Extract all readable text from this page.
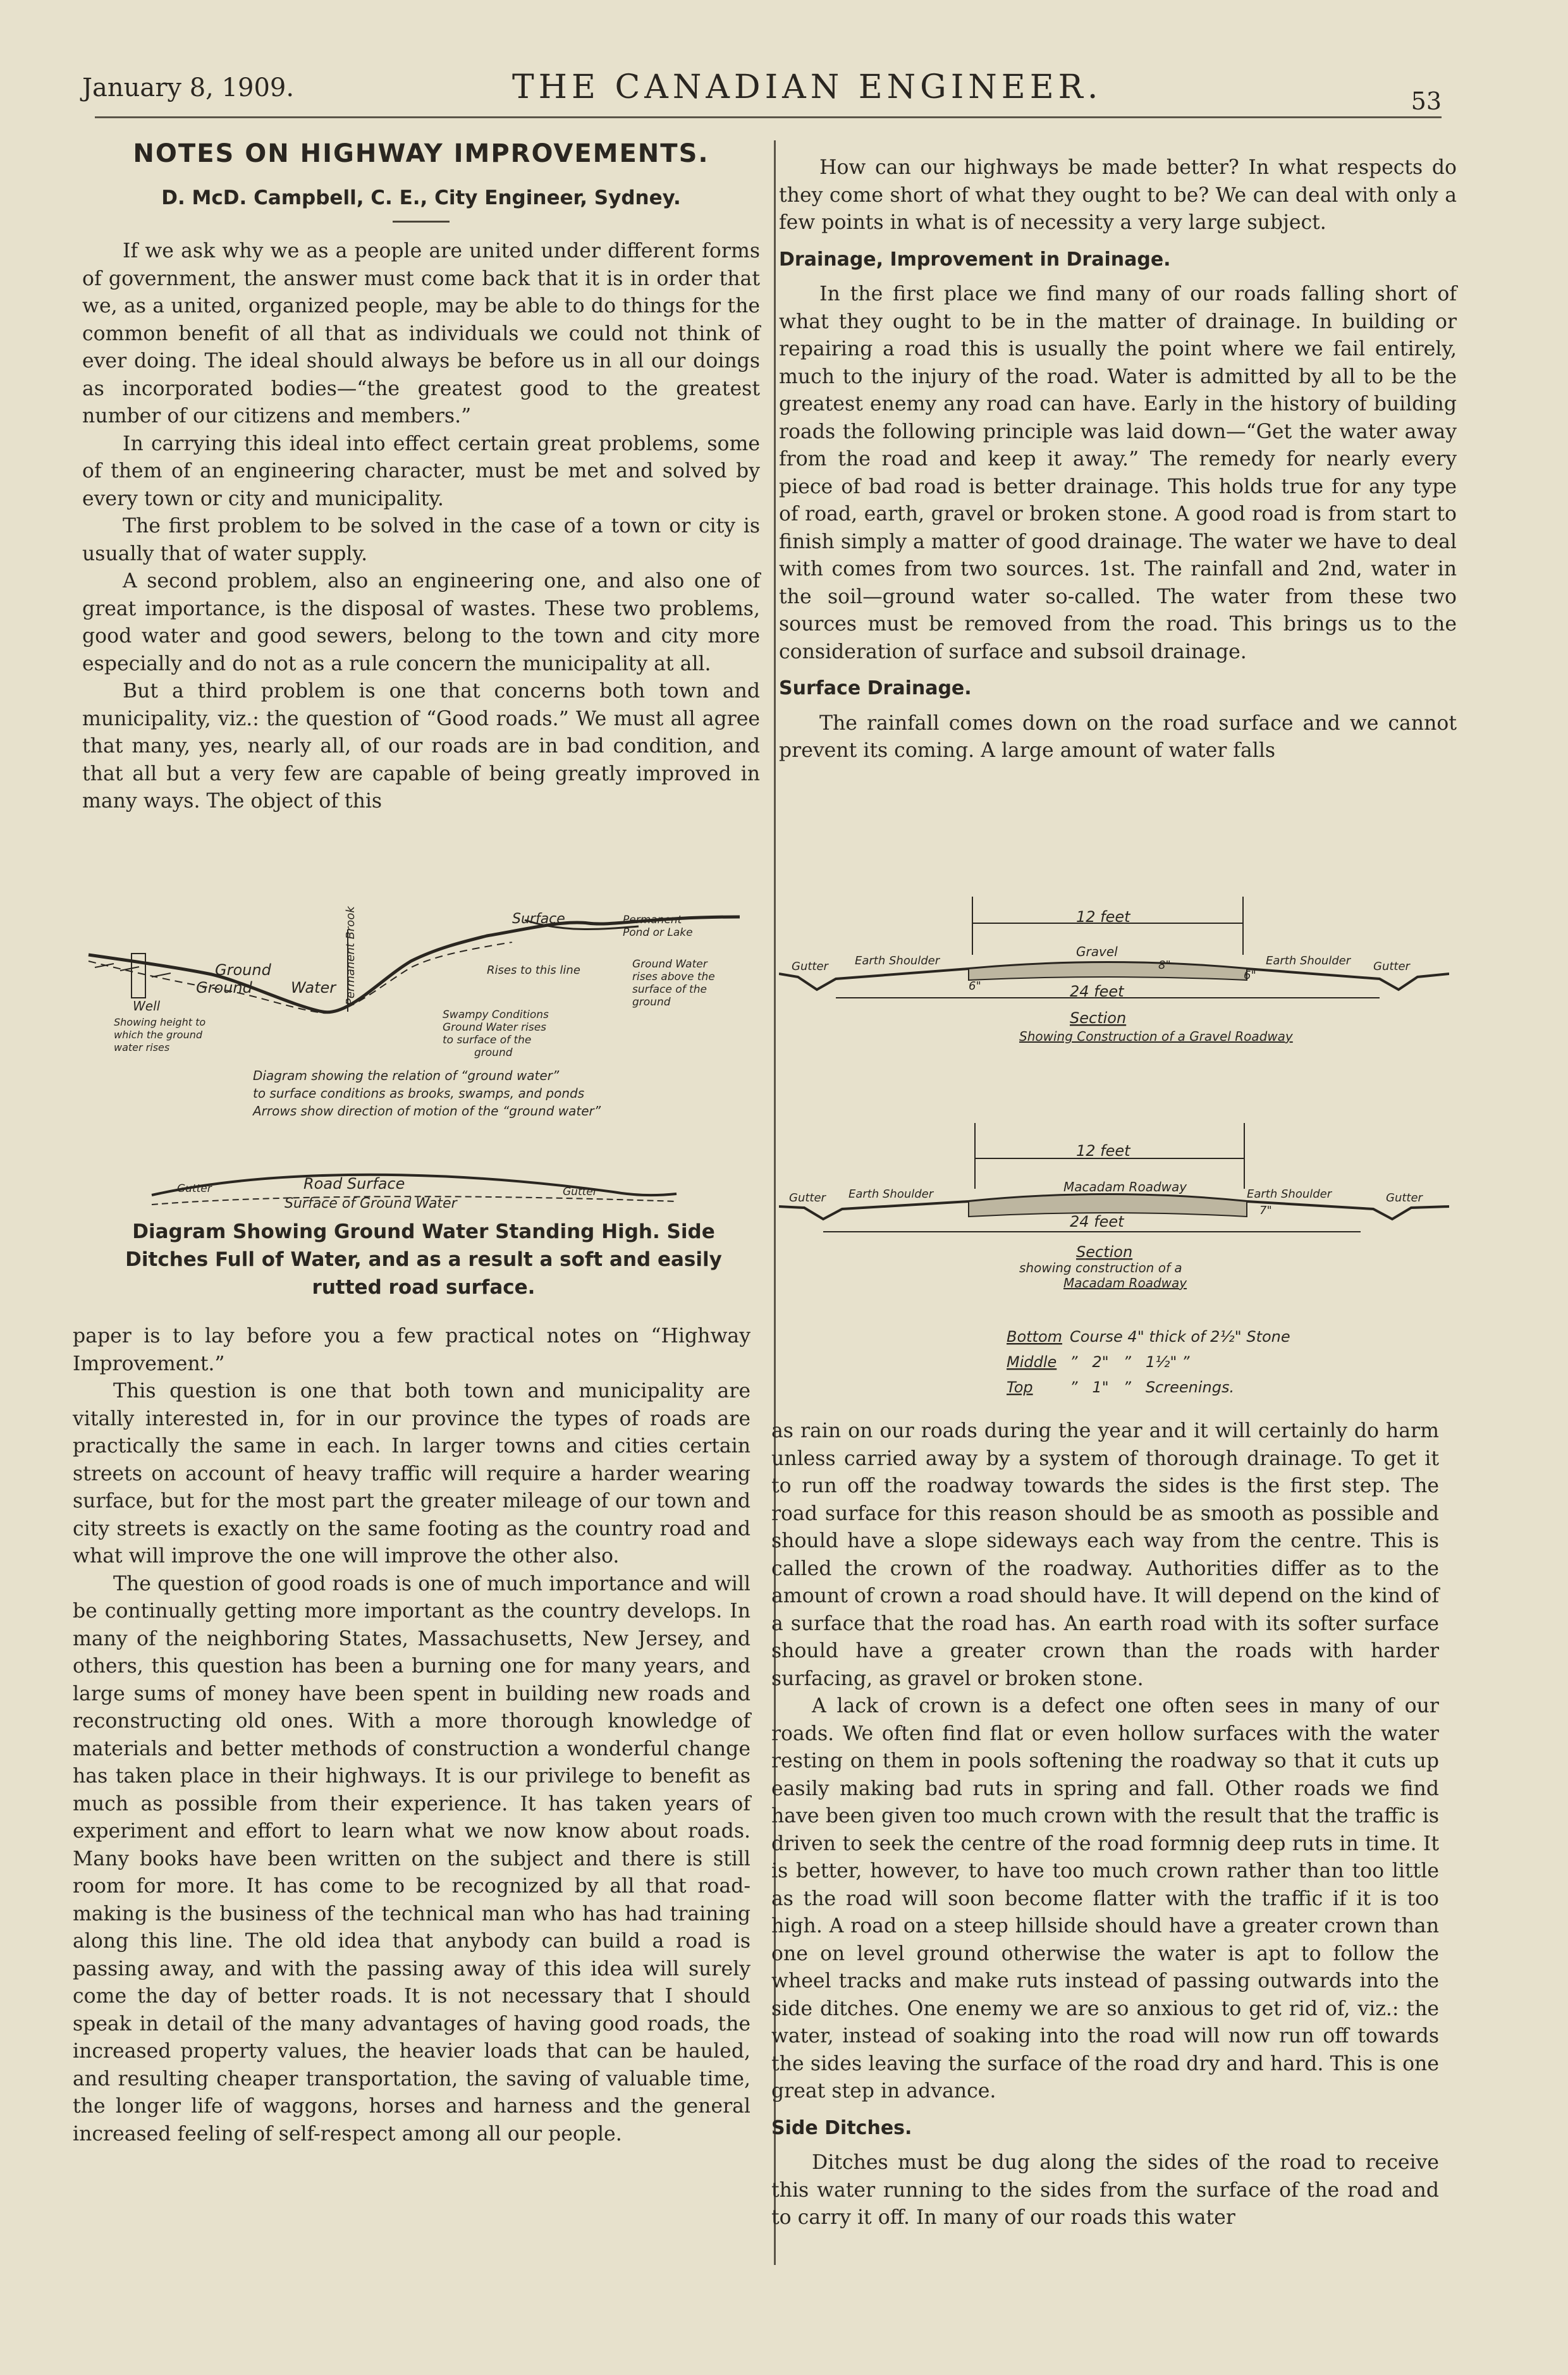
January 8, 1909.	THE CANADIAN ENGINEER.	53
NOTES ON HIGHWAY IMPROVEMENTS.
D. McD. Campbell, C. E., City Engineer, Sydney.

If we ask why we as a people are united under different forms of government, the answer must come back that it is in order that we, as a united, organized people, may be able to do things for the common benefit of all that as individuals we could not think of ever doing. The ideal should always be before us in all our doings as incorporated bodies—“the greatest good to the greatest number of our citizens and members.”

In carrying this ideal into effect certain great problems, some of them of an engineering character, must be met and solved by every town or city and municipality.

The first problem to be solved in the case of a town or city is usually that of water supply.

A second problem, also an engineering one, and also one of great importance, is the disposal of wastes. These two problems, good water and good sewers, belong to the town and city more especially and do not as a rule concern the municipality at all.

But a third problem is one that concerns both town and municipality, viz.: the question of “Good roads.” We must all agree that many, yes, nearly all, of our roads are in bad condition, and that all but a very few are capable of being greatly improved in many ways. The object of this

Ground
Ground	Water
Well
Showing height to
which the ground
water rises
Permanent Brook
Swampy Conditions
Ground Water rises
to surface of the
ground
Surface	Permanent
Pond or Lake
Rises to this line	Ground Water
rises above the
surface of the
ground
Diagram showing the relation of “ground water”
to surface conditions as brooks, swamps, and ponds
Arrows show direction of motion of the “ground water”
Gutter	Road Surface
Surface of Ground Water
Gutter
Diagram Showing Ground Water Standing High. Side Ditches Full of Water, and as a result a soft and easily rutted road surface.

paper is to lay before you a few practical notes on “Highway Improvement.”

This question is one that both town and municipality are vitally interested in, for in our province the types of roads are practically the same in each. In larger towns and cities certain streets on account of heavy traffic will require a harder wearing surface, but for the most part the greater mileage of our town and city streets is exactly on the same footing as the country road and what will improve the one will improve the other also.

The question of good roads is one of much importance and will be continually getting more important as the country develops. In many of the neighboring States, Massachusetts, New Jersey, and others, this question has been a burning one for many years, and large sums of money have been spent in building new roads and reconstructing old ones. With a more thorough knowledge of materials and better methods of construction a wonderful change has taken place in their highways. It is our privilege to benefit as much as possible from their experience. It has taken years of experiment and effort to learn what we now know about roads. Many books have been written on the subject and there is still room for more. It has come to be recognized by all that road-making is the business of the technical man who has had training along this line. The old idea that anybody can build a road is passing away, and with the passing away of this idea will surely come the day of better roads. It is not necessary that I should speak in detail of the many advantages of having good roads, the increased property values, the heavier loads that can be hauled, and resulting cheaper transportation, the saving of valuable time, the longer life of waggons, horses and harness and the general increased feeling of self-respect among all our people.

How can our highways be made better? In what respects do they come short of what they ought to be? We can deal with only a few points in what is of necessity a very large subject.

Drainage, Improvement in Drainage.

In the first place we find many of our roads falling short of what they ought to be in the matter of drainage. In building or repairing a road this is usually the point where we fail entirely, much to the injury of the road. Water is admitted by all to be the greatest enemy any road can have. Early in the history of building roads the following principle was laid down—“Get the water away from the road and keep it away.” The remedy for nearly every piece of bad road is better drainage. This holds true for any type of road, earth, gravel or broken stone. A good road is from start to finish simply a matter of good drainage. The water we have to deal with comes from two sources. 1st. The rainfall and 2nd, water in the soil—ground water so-called. The water from these two sources must be removed from the road. This brings us to the consideration of surface and subsoil drainage.

Surface Drainage.

The rainfall comes down on the road surface and we cannot prevent its coming. A large amount of water falls

12 feet
24 feet
Gutter Earth Shoulder
Gravel
8"
6"
6"
Earth Shoulder Gutter
Section
Showing Construction of a Gravel Roadway
12 feet
24 feet
Gutter Earth Shoulder	Macadam Roadway
7"
Earth Shoulder	Gutter
Section
showing construction of a
Macadam Roadway
Bottom Course 4" thick of 2½" Stone
Middle ”   2"   ”   1½" ”
Top ”   1"   ”   Screenings.

as rain on our roads during the year and it will certainly do harm unless carried away by a system of thorough drainage. To get it to run off the roadway towards the sides is the first step. The road surface for this reason should be as smooth as possible and should have a slope sideways each way from the centre. This is called the crown of the roadway. Authorities differ as to the amount of crown a road should have. It will depend on the kind of a surface that the road has. An earth road with its softer surface should have a greater crown than the roads with harder surfacing, as gravel or broken stone.

A lack of crown is a defect one often sees in many of our roads. We often find flat or even hollow surfaces with the water resting on them in pools softening the roadway so that it cuts up easily making bad ruts in spring and fall. Other roads we find have been given too much crown with the result that the traffic is driven to seek the centre of the road formnig deep ruts in time. It is better, however, to have too much crown rather than too little as the road will soon become flatter with the traffic if it is too high. A road on a steep hillside should have a greater crown than one on level ground otherwise the water is apt to follow the wheel tracks and make ruts instead of passing outwards into the side ditches. One enemy we are so anxious to get rid of, viz.: the water, instead of soaking into the road will now run off towards the sides leaving the surface of the road dry and hard. This is one great step in advance.

Side Ditches.

Ditches must be dug along the sides of the road to receive this water running to the sides from the surface of the road and to carry it off. In many of our roads this water
